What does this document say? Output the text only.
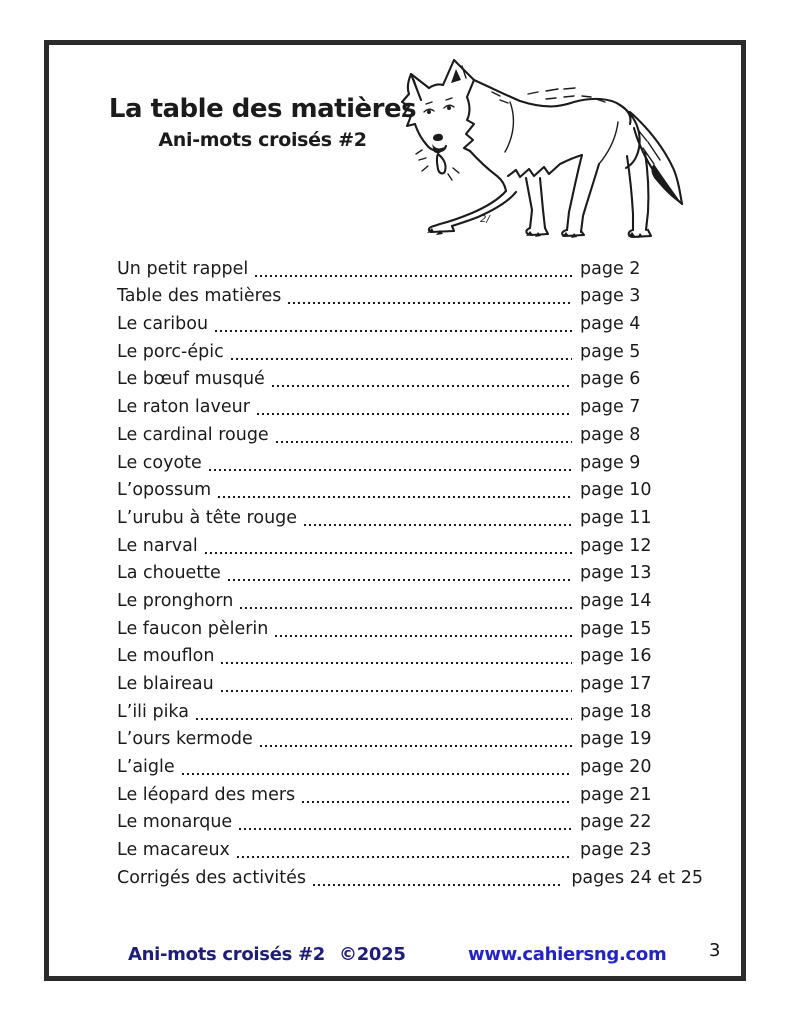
La table des matières
Ani-mots croisés #2
2/
Un petit rappel	page 2
Table des matières	page 3
Le caribou	page 4
Le porc-épic	page 5
Le bœuf musqué	page 6
Le raton laveur	page 7
Le cardinal rouge	page 8
Le coyote	page 9
L’opossum	page 10
L’urubu à tête rouge	page 11
Le narval	page 12
La chouette	page 13
Le pronghorn	page 14
Le faucon pèlerin	page 15
Le mouflon	page 16
Le blaireau	page 17
L’ili pika	page 18
L’ours kermode	page 19
L’aigle	page 20
Le léopard des mers	page 21
Le monarque	page 22
Le macareux	page 23
Corrigés des activités	pages 24 et 25
Ani-mots croisés #2 ©2025	www.cahiersng.com 3
